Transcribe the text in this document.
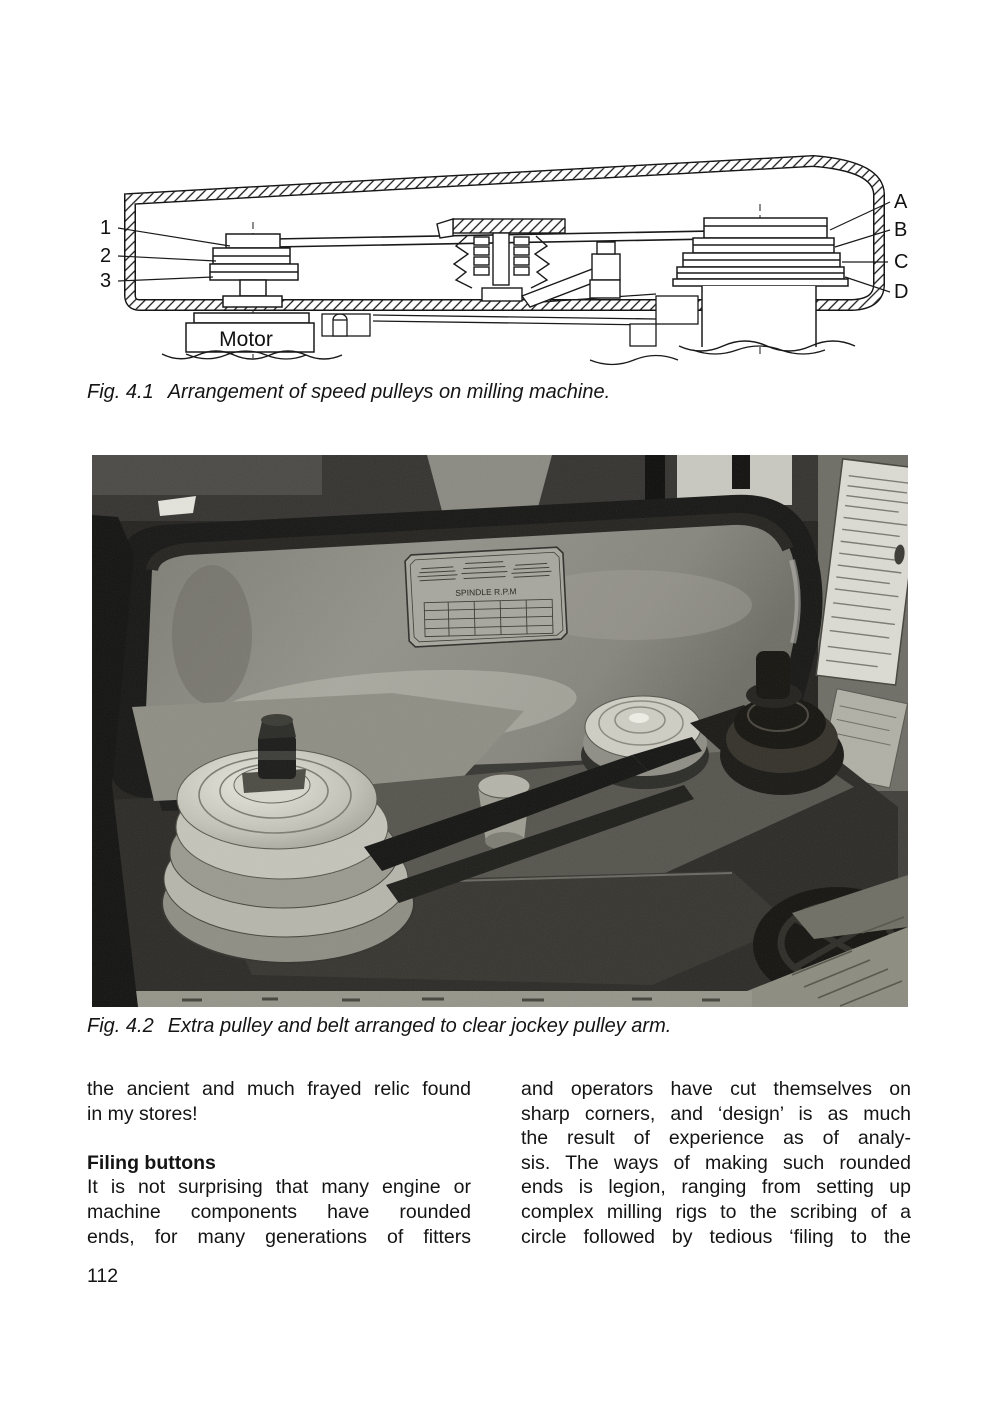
Motor
1
2
3
A
B
C
D
Fig. 4.1 Arrangement of speed pulleys on milling machine.
SPINDLE R.P.M
Fig. 4.2 Extra pulley and belt arranged to clear jockey pulley arm.
the ancient and much frayed relic found
in my stores!
Filing buttons
It is not surprising that many engine or
machine components have rounded
ends, for many generations of fitters
and operators have cut themselves on
sharp corners, and ‘design’ is as much
the result of experience as of analy-
sis. The ways of making such rounded
ends is legion, ranging from setting up
complex milling rigs to the scribing of a
circle followed by tedious ‘filing to the
112
